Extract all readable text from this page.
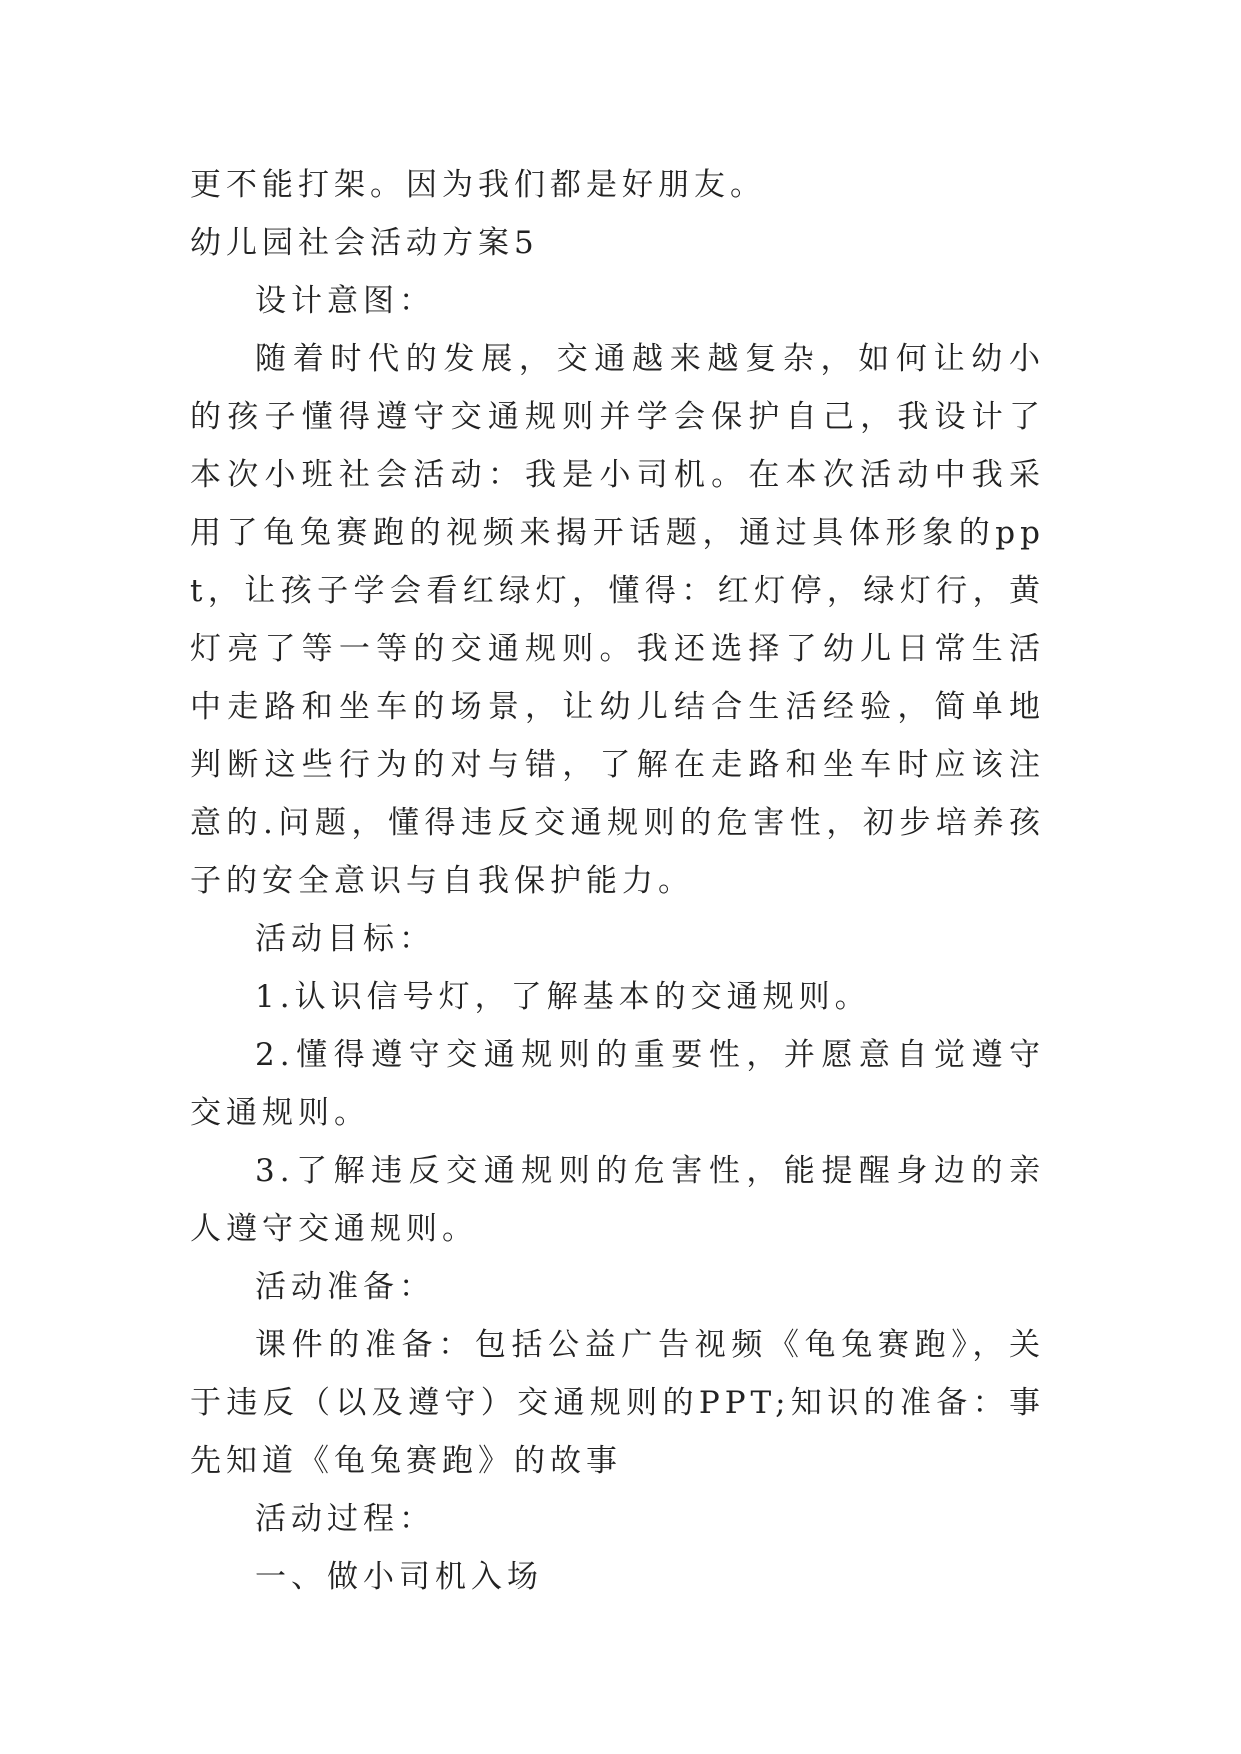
更不能打架。因为我们都是好朋友。

幼儿园社会活动方案5

设计意图：

随着时代的发展，交通越来越复杂，如何让幼小的孩子懂得遵守交通规则并学会保护自己，我设计了本次小班社会活动：我是小司机。在本次活动中我采用了龟兔赛跑的视频来揭开话题，通过具体形象的ppt，让孩子学会看红绿灯，懂得：红灯停，绿灯行，黄灯亮了等一等的交通规则。我还选择了幼儿日常生活中走路和坐车的场景，让幼儿结合生活经验，简单地判断这些行为的对与错，了解在走路和坐车时应该注意的.问题，懂得违反交通规则的危害性，初步培养孩子的安全意识与自我保护能力。

活动目标：

1.认识信号灯，了解基本的交通规则。

2.懂得遵守交通规则的重要性，并愿意自觉遵守交通规则。

3.了解违反交通规则的危害性，能提醒身边的亲人遵守交通规则。

活动准备：

课件的准备：包括公益广告视频《龟兔赛跑》，关于违反（以及遵守）交通规则的PPT;知识的准备：事先知道《龟兔赛跑》的故事

活动过程：

一、做小司机入场
